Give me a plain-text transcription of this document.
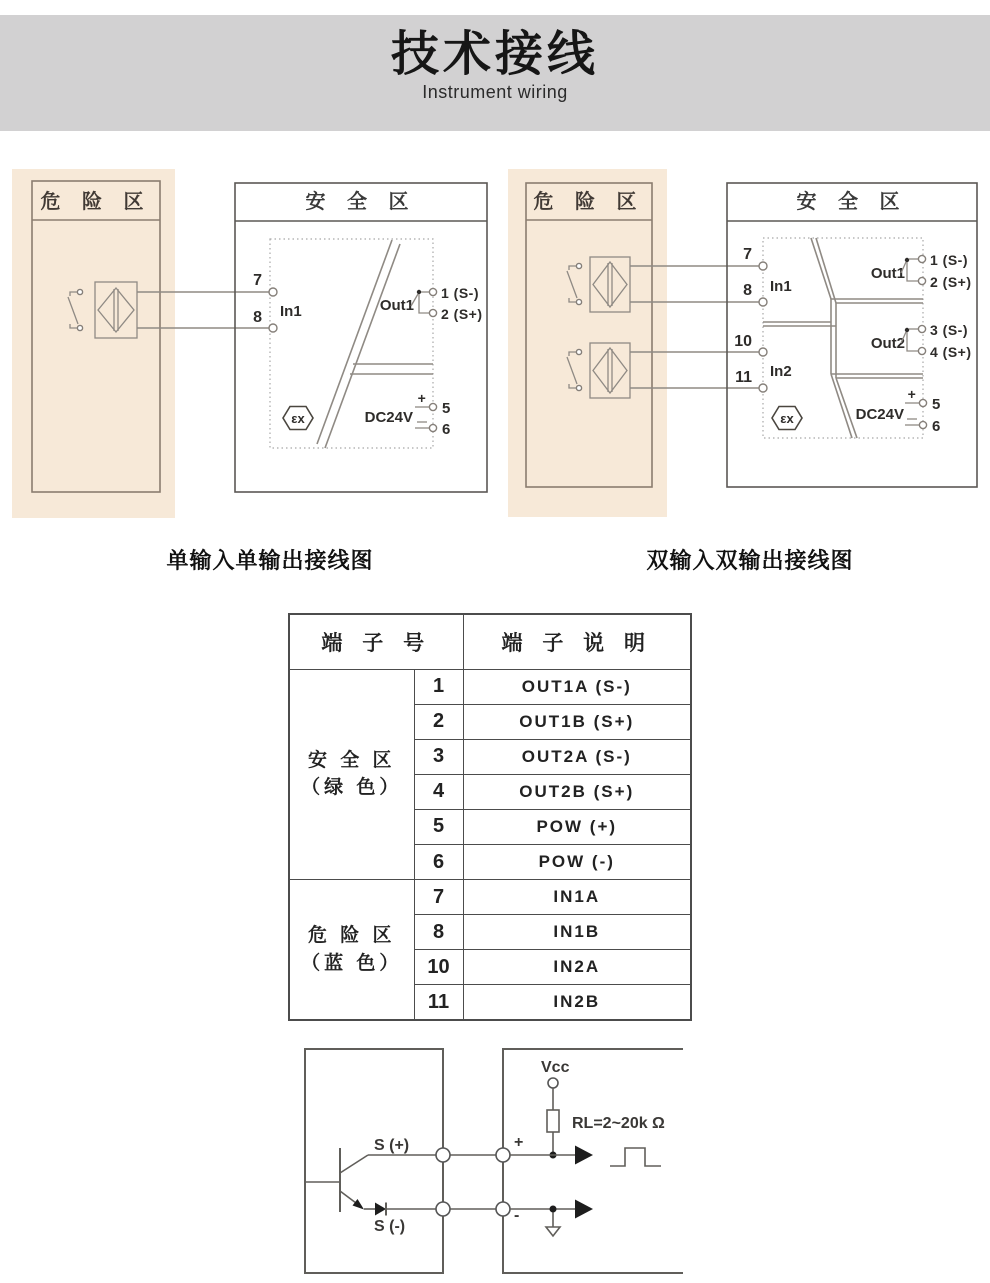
技术接线
Instrument wiring
危 险 区	安 全 区
7
8 In1	Out1
1 (S-)
2 (S+)
DC24V
+
5
6
εx
危 险 区	安 全 区
7
8
10
11
In1
In2
Out1
1 (S-)
2 (S+)
Out2
3 (S-)
4 (S+)
DC24V
+
5
6
εx
单输入单输出接线图	双输入双输出接线图
端 子 号		端 子 说 明

安 全 区
（绿 色）	1	OUT1A (S-)
	2	OUT1B (S+)
	3	OUT2A (S-)
	4	OUT2B (S+)
	5	POW (+)
	6	POW (-)

危 险 区
（蓝 色）	7	IN1A
	8	IN1B
	10	IN2A
	11	IN2B
S (+)
S (-)
+
-
Vcc
RL=2~20k Ω
